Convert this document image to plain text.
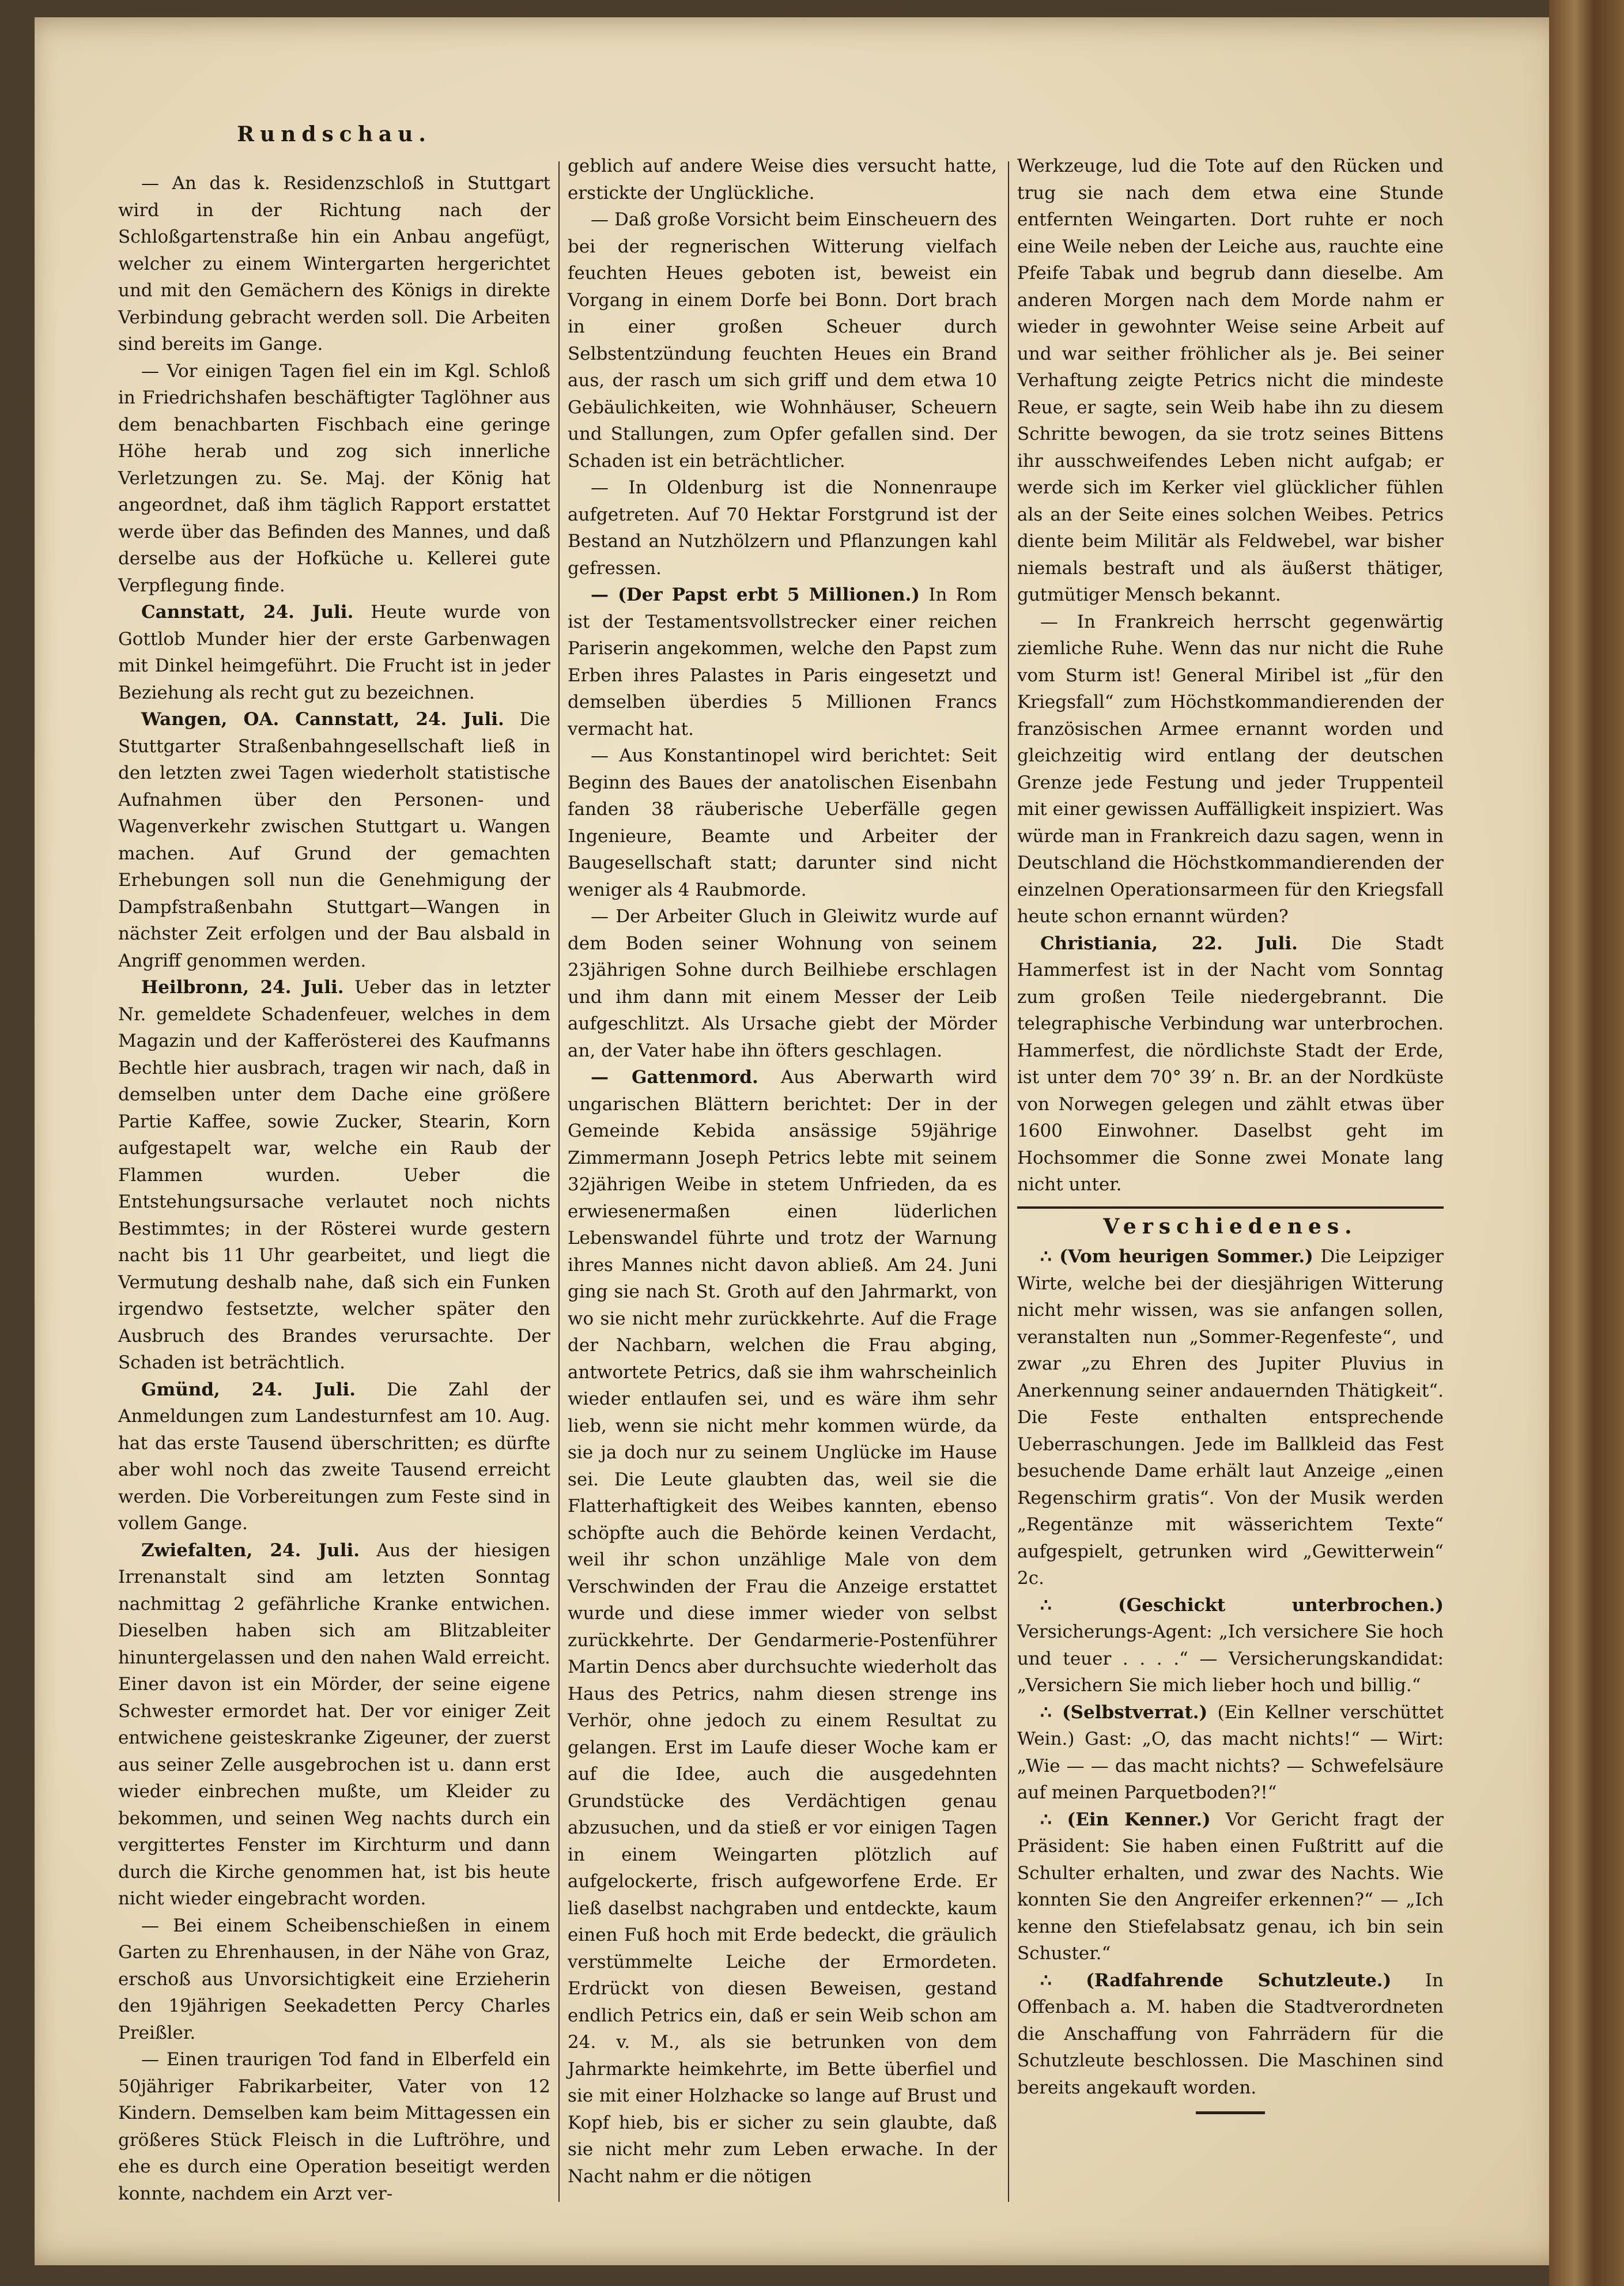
Rundschau.

— An das k. Residenzschloß in Stuttgart wird in der Richtung nach der Schloßgartenstraße hin ein Anbau angefügt, welcher zu einem Wintergarten hergerichtet und mit den Gemächern des Königs in direkte Verbindung gebracht werden soll. Die Arbeiten sind bereits im Gange.

— Vor einigen Tagen fiel ein im Kgl. Schloß in Friedrichshafen beschäftigter Taglöhner aus dem benachbarten Fischbach eine geringe Höhe herab und zog sich innerliche Verletzungen zu. Se. Maj. der König hat angeordnet, daß ihm täglich Rapport erstattet werde über das Befinden des Mannes, und daß derselbe aus der Hofküche u. Kellerei gute Verpflegung finde.

Cannstatt, 24. Juli. Heute wurde von Gottlob Munder hier der erste Garbenwagen mit Dinkel heimgeführt. Die Frucht ist in jeder Beziehung als recht gut zu bezeichnen.

Wangen, OA. Cannstatt, 24. Juli. Die Stuttgarter Straßenbahngesellschaft ließ in den letzten zwei Tagen wiederholt statistische Aufnahmen über den Personen- und Wagenverkehr zwischen Stuttgart u. Wangen machen. Auf Grund der gemachten Erhebungen soll nun die Genehmigung der Dampfstraßenbahn Stuttgart—Wangen in nächster Zeit erfolgen und der Bau alsbald in Angriff genommen werden.

Heilbronn, 24. Juli. Ueber das in letzter Nr. gemeldete Schadenfeuer, welches in dem Magazin und der Kafferösterei des Kaufmanns Bechtle hier ausbrach, tragen wir nach, daß in demselben unter dem Dache eine größere Partie Kaffee, sowie Zucker, Stearin, Korn aufgestapelt war, welche ein Raub der Flammen wurden. Ueber die Entstehungsursache verlautet noch nichts Bestimmtes; in der Rösterei wurde gestern nacht bis 11 Uhr gearbeitet, und liegt die Vermutung deshalb nahe, daß sich ein Funken irgendwo festsetzte, welcher später den Ausbruch des Brandes verursachte. Der Schaden ist beträchtlich.

Gmünd, 24. Juli. Die Zahl der Anmeldungen zum Landesturnfest am 10. Aug. hat das erste Tausend überschritten; es dürfte aber wohl noch das zweite Tausend erreicht werden. Die Vorbereitungen zum Feste sind in vollem Gange.

Zwiefalten, 24. Juli. Aus der hiesigen Irrenanstalt sind am letzten Sonntag nachmittag 2 gefährliche Kranke entwichen. Dieselben haben sich am Blitzableiter hinuntergelassen und den nahen Wald erreicht. Einer davon ist ein Mörder, der seine eigene Schwester ermordet hat. Der vor einiger Zeit entwichene geisteskranke Zigeuner, der zuerst aus seiner Zelle ausgebrochen ist u. dann erst wieder einbrechen mußte, um Kleider zu bekommen, und seinen Weg nachts durch ein vergittertes Fenster im Kirchturm und dann durch die Kirche genommen hat, ist bis heute nicht wieder eingebracht worden.

— Bei einem Scheibenschießen in einem Garten zu Ehrenhausen, in der Nähe von Graz, erschoß aus Unvorsichtigkeit eine Erzieherin den 19jährigen Seekadetten Percy Charles Preißler.

— Einen traurigen Tod fand in Elberfeld ein 50jähriger Fabrikarbeiter, Vater von 12 Kindern. Demselben kam beim Mittagessen ein größeres Stück Fleisch in die Luftröhre, und ehe es durch eine Operation beseitigt werden konnte, nachdem ein Arzt ver-

geblich auf andere Weise dies versucht hatte, erstickte der Unglückliche.

— Daß große Vorsicht beim Einscheuern des bei der regnerischen Witterung vielfach feuchten Heues geboten ist, beweist ein Vorgang in einem Dorfe bei Bonn. Dort brach in einer großen Scheuer durch Selbstentzündung feuchten Heues ein Brand aus, der rasch um sich griff und dem etwa 10 Gebäulichkeiten, wie Wohnhäuser, Scheuern und Stallungen, zum Opfer gefallen sind. Der Schaden ist ein beträchtlicher.

— In Oldenburg ist die Nonnenraupe aufgetreten. Auf 70 Hektar Forstgrund ist der Bestand an Nutzhölzern und Pflanzungen kahl gefressen.

— (Der Papst erbt 5 Millionen.) In Rom ist der Testamentsvollstrecker einer reichen Pariserin angekommen, welche den Papst zum Erben ihres Palastes in Paris eingesetzt und demselben überdies 5 Millionen Francs vermacht hat.

— Aus Konstantinopel wird berichtet: Seit Beginn des Baues der anatolischen Eisenbahn fanden 38 räuberische Ueberfälle gegen Ingenieure, Beamte und Arbeiter der Baugesellschaft statt; darunter sind nicht weniger als 4 Raubmorde.

— Der Arbeiter Gluch in Gleiwitz wurde auf dem Boden seiner Wohnung von seinem 23jährigen Sohne durch Beilhiebe erschlagen und ihm dann mit einem Messer der Leib aufgeschlitzt. Als Ursache giebt der Mörder an, der Vater habe ihn öfters geschlagen.

— Gattenmord. Aus Aberwarth wird ungarischen Blättern berichtet: Der in der Gemeinde Kebida ansässige 59jährige Zimmermann Joseph Petrics lebte mit seinem 32jährigen Weibe in stetem Unfrieden, da es erwiesenermaßen einen lüderlichen Lebenswandel führte und trotz der Warnung ihres Mannes nicht davon abließ. Am 24. Juni ging sie nach St. Groth auf den Jahrmarkt, von wo sie nicht mehr zurückkehrte. Auf die Frage der Nachbarn, welchen die Frau abging, antwortete Petrics, daß sie ihm wahrscheinlich wieder entlaufen sei, und es wäre ihm sehr lieb, wenn sie nicht mehr kommen würde, da sie ja doch nur zu seinem Unglücke im Hause sei. Die Leute glaubten das, weil sie die Flatterhaftigkeit des Weibes kannten, ebenso schöpfte auch die Behörde keinen Verdacht, weil ihr schon unzählige Male von dem Verschwinden der Frau die Anzeige erstattet wurde und diese immer wieder von selbst zurückkehrte. Der Gendarmerie-Postenführer Martin Dencs aber durchsuchte wiederholt das Haus des Petrics, nahm diesen strenge ins Verhör, ohne jedoch zu einem Resultat zu gelangen. Erst im Laufe dieser Woche kam er auf die Idee, auch die ausgedehnten Grundstücke des Verdächtigen genau abzusuchen, und da stieß er vor einigen Tagen in einem Weingarten plötzlich auf aufgelockerte, frisch aufgeworfene Erde. Er ließ daselbst nachgraben und entdeckte, kaum einen Fuß hoch mit Erde bedeckt, die gräulich verstümmelte Leiche der Ermordeten. Erdrückt von diesen Beweisen, gestand endlich Petrics ein, daß er sein Weib schon am 24. v. M., als sie betrunken von dem Jahrmarkte heimkehrte, im Bette überfiel und sie mit einer Holzhacke so lange auf Brust und Kopf hieb, bis er sicher zu sein glaubte, daß sie nicht mehr zum Leben erwache. In der Nacht nahm er die nötigen

Werkzeuge, lud die Tote auf den Rücken und trug sie nach dem etwa eine Stunde entfernten Weingarten. Dort ruhte er noch eine Weile neben der Leiche aus, rauchte eine Pfeife Tabak und begrub dann dieselbe. Am anderen Morgen nach dem Morde nahm er wieder in gewohnter Weise seine Arbeit auf und war seither fröhlicher als je. Bei seiner Verhaftung zeigte Petrics nicht die mindeste Reue, er sagte, sein Weib habe ihn zu diesem Schritte bewogen, da sie trotz seines Bittens ihr ausschweifendes Leben nicht aufgab; er werde sich im Kerker viel glücklicher fühlen als an der Seite eines solchen Weibes. Petrics diente beim Militär als Feldwebel, war bisher niemals bestraft und als äußerst thätiger, gutmütiger Mensch bekannt.

— In Frankreich herrscht gegenwärtig ziemliche Ruhe. Wenn das nur nicht die Ruhe vom Sturm ist! General Miribel ist „für den Kriegsfall“ zum Höchstkommandierenden der französischen Armee ernannt worden und gleichzeitig wird entlang der deutschen Grenze jede Festung und jeder Truppenteil mit einer gewissen Auffälligkeit inspiziert. Was würde man in Frankreich dazu sagen, wenn in Deutschland die Höchstkommandierenden der einzelnen Operationsarmeen für den Kriegsfall heute schon ernannt würden?

Christiania, 22. Juli. Die Stadt Hammerfest ist in der Nacht vom Sonntag zum großen Teile niedergebrannt. Die telegraphische Verbindung war unterbrochen. Hammerfest, die nördlichste Stadt der Erde, ist unter dem 70° 39′ n. Br. an der Nordküste von Norwegen gelegen und zählt etwas über 1600 Einwohner. Daselbst geht im Hochsommer die Sonne zwei Monate lang nicht unter.

Verschiedenes.

∴ (Vom heurigen Sommer.) Die Leipziger Wirte, welche bei der diesjährigen Witterung nicht mehr wissen, was sie anfangen sollen, veranstalten nun „Sommer-Regenfeste“, und zwar „zu Ehren des Jupiter Pluvius in Anerkennung seiner andauernden Thätigkeit“. Die Feste enthalten entsprechende Ueberraschungen. Jede im Ballkleid das Fest besuchende Dame erhält laut Anzeige „einen Regenschirm gratis“. Von der Musik werden „Regentänze mit wässerichtem Texte“ aufgespielt, getrunken wird „Gewitterwein“ 2c.

∴ (Geschickt unterbrochen.) Versicherungs-Agent: „Ich versichere Sie hoch und teuer . . . .“ — Versicherungskandidat: „Versichern Sie mich lieber hoch und billig.“

∴ (Selbstverrat.) (Ein Kellner verschüttet Wein.) Gast: „O, das macht nichts!“ — Wirt: „Wie — — das macht nichts? — Schwefelsäure auf meinen Parquetboden?!“

∴ (Ein Kenner.) Vor Gericht fragt der Präsident: Sie haben einen Fußtritt auf die Schulter erhalten, und zwar des Nachts. Wie konnten Sie den Angreifer erkennen?“ — „Ich kenne den Stiefelabsatz genau, ich bin sein Schuster.“

∴ (Radfahrende Schutzleute.) In Offenbach a. M. haben die Stadtverordneten die Anschaffung von Fahrrädern für die Schutzleute beschlossen. Die Maschinen sind bereits angekauft worden.
